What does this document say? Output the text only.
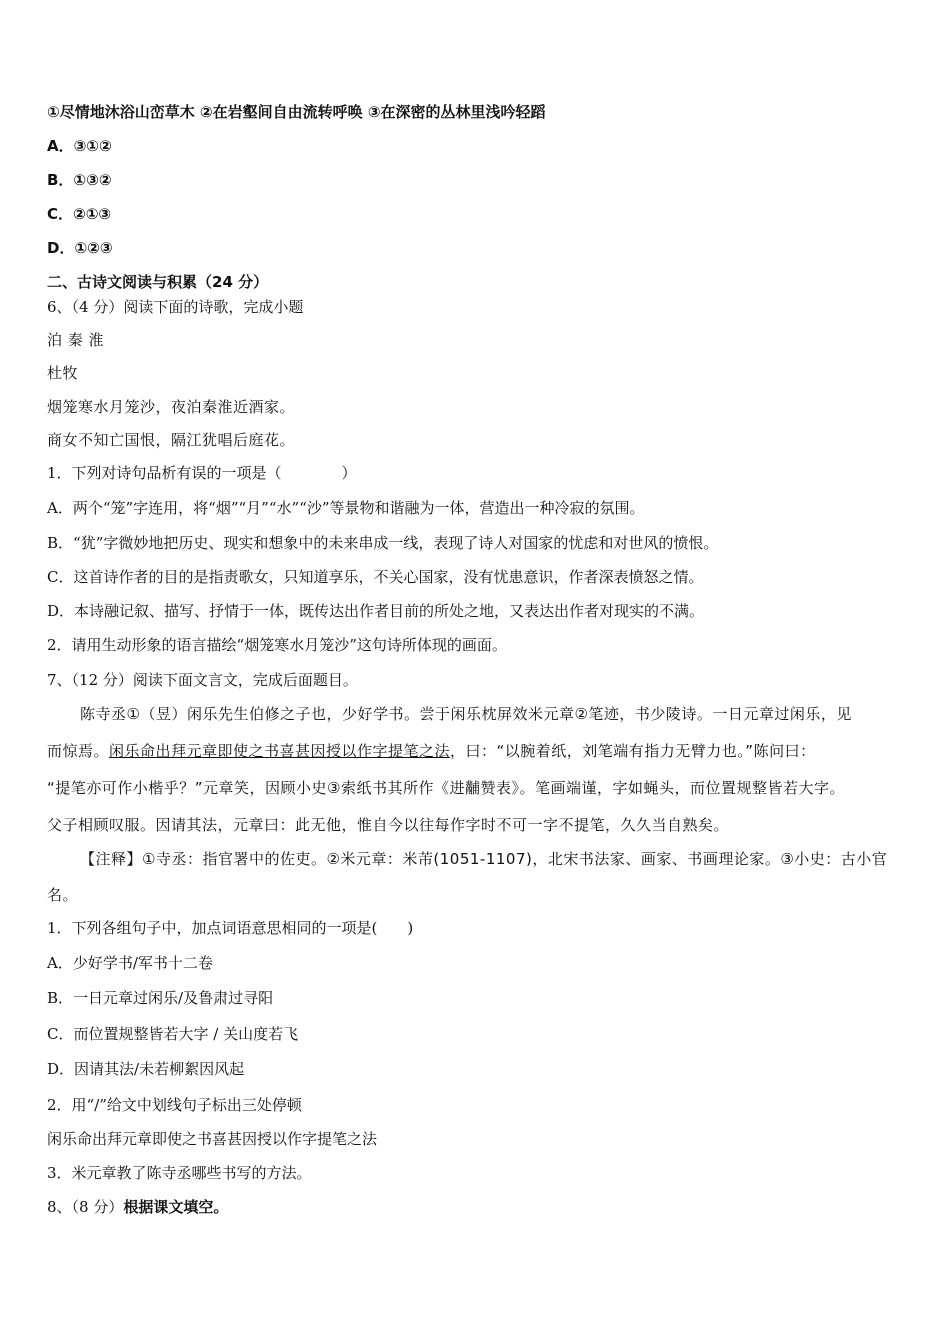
①尽情地沐浴山峦草木 ②在岩壑间自由流转呼唤 ③在深密的丛林里浅吟轻蹈
A．③①②
B．①③②
C．②①③
D．①②③
二、古诗文阅读与积累（24 分）
6、（4 分）阅读下面的诗歌，完成小题
泊 秦 淮
杜牧
烟笼寒水月笼沙，夜泊秦淮近酒家。
商女不知亡国恨，隔江犹唱后庭花。
1．下列对诗句品析有误的一项是（　　　　）
A．两个“笼”字连用，将“烟”“月”“水”“沙”等景物和谐融为一体，营造出一种冷寂的氛围。
B．“犹”字微妙地把历史、现实和想象中的未来串成一线，表现了诗人对国家的忧虑和对世风的愤恨。
C．这首诗作者的目的是指责歌女，只知道享乐，不关心国家，没有忧患意识，作者深表愤怒之情。
D．本诗融记叙、描写、抒情于一体，既传达出作者目前的所处之地，又表达出作者对现实的不满。
2．请用生动形象的语言描绘“烟笼寒水月笼沙”这句诗所体现的画面。
7、（12 分）阅读下面文言文，完成后面题目。
陈寺丞①（昱）闲乐先生伯修之子也，少好学书。尝于闲乐枕屏效米元章②笔迹，书少陵诗。一日元章过闲乐，见
而惊焉。闲乐命出拜元章即使之书喜甚因授以作字提笔之法，曰：“以腕着纸，刘笔端有指力无臂力也。”陈问曰：
“提笔亦可作小楷乎？”元章笑，因顾小史③索纸书其所作《进黼赞表》。笔画端谨，字如蝇头，而位置规整皆若大字。
父子相顾叹服。因请其法，元章曰：此无他，惟自今以往每作字时不可一字不提笔，久久当自熟矣。
【注释】①寺丞：指官署中的佐吏。②米元章：米芾(1051-1107)，北宋书法家、画家、书画理论家。③小史：古小官
名。
1．下列各组句子中，加点词语意思相同的一项是(　　)
A．少好学书/军书十二卷
B．一日元章过闲乐/及鲁肃过寻阳
C．而位置规整皆若大字 / 关山度若飞
D．因请其法/未若柳絮因风起
2．用“/”给文中划线句子标出三处停顿
闲乐命出拜元章即使之书喜甚因授以作字提笔之法
3．米元章教了陈寺丞哪些书写的方法。
8、（8 分）根据课文填空。
